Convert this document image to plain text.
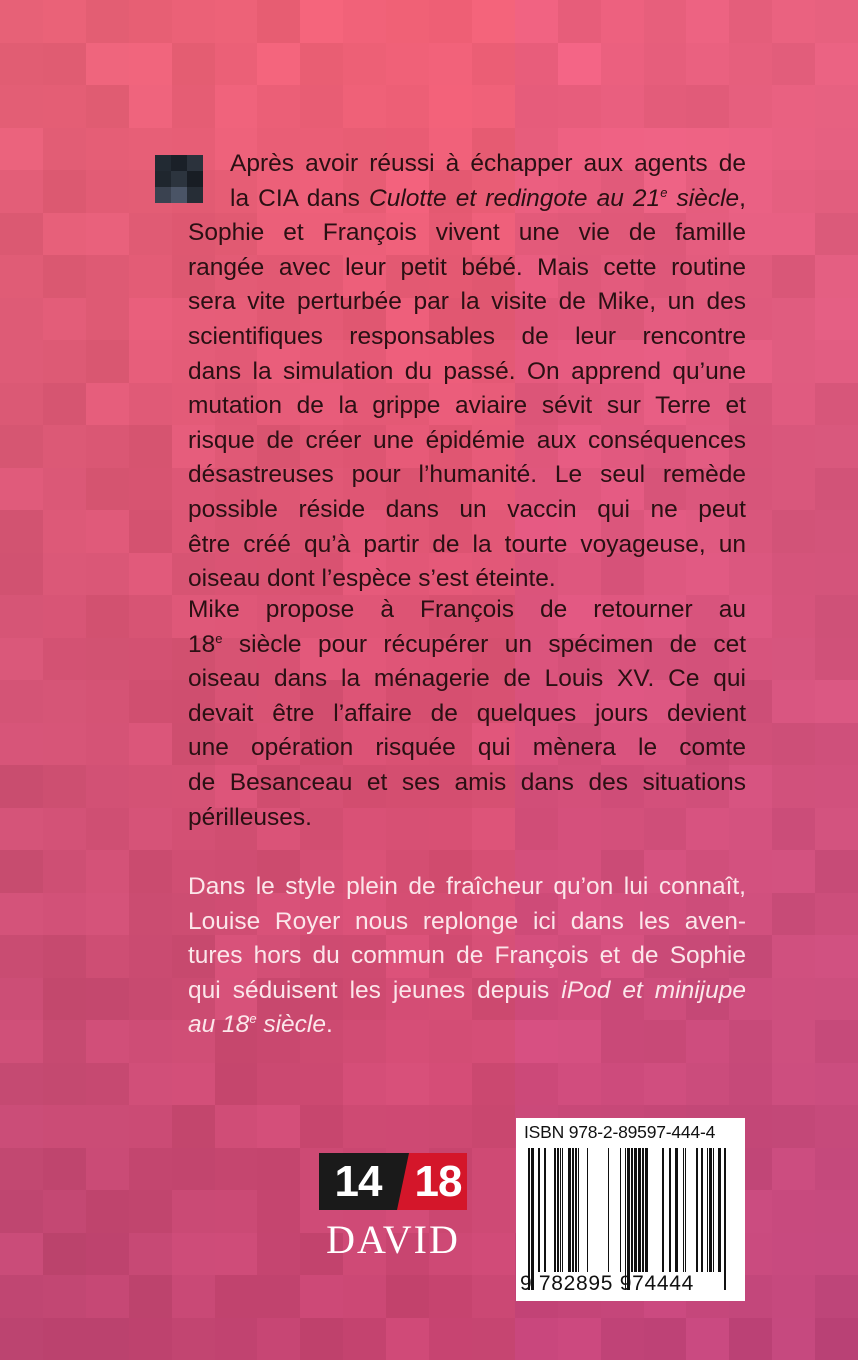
Après avoir réussi à échapper aux agents de
la CIA dans Culotte et redingote au 21e siècle,
Sophie et François vivent une vie de famille
rangée avec leur petit bébé. Mais cette routine
sera vite perturbée par la visite de Mike, un des
scientifiques responsables de leur rencontre
dans la simulation du passé. On apprend qu’une
mutation de la grippe aviaire sévit sur Terre et
risque de créer une épidémie aux conséquences
désastreuses pour l’humanité. Le seul remède
possible réside dans un vaccin qui ne peut
être créé qu’à partir de la tourte voyageuse, un
oiseau dont l’espèce s’est éteinte.
Mike propose à François de retourner au
18e siècle pour récupérer un spécimen de cet
oiseau dans la ménagerie de Louis XV. Ce qui
devait être l’affaire de quelques jours devient
une opération risquée qui mènera le comte
de Besanceau et ses amis dans des situations
périlleuses.
Dans le style plein de fraîcheur qu’on lui connaît,
Louise Royer nous replonge ici dans les aven-
tures hors du commun de François et de Sophie
qui séduisent les jeunes depuis iPod et minijupe
au 18e siècle.
14 18
DAVID
ISBN 978-2-89597-444-4
9 782895 974444
